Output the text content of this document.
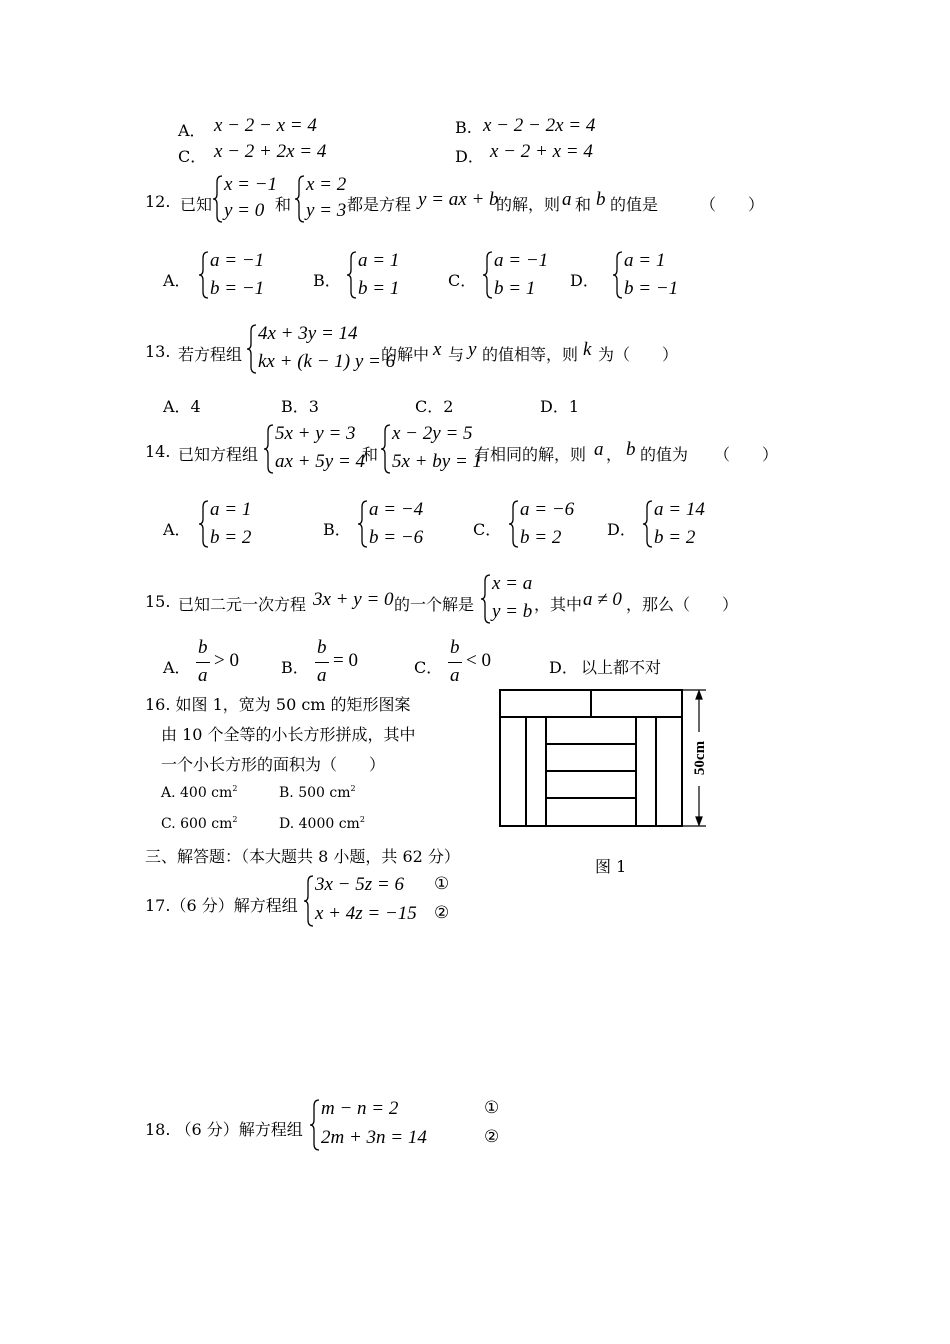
A． x − 2 − x = 4	B. x − 2 − 2x = 4
C． x − 2 + 2x = 4	D． x − 2 + x = 4
12. 已知
x = −1
y = 0 和
x = 2
y = 3 都是方程 y = ax + b
的解，则 a 和 b 的值是	（　　）
A．
a = −1
b = −1	B．
a = 1
b = 1	C．
a = −1
b = 1 D．
a = 1
b = −1
13. 若方程组
4x + 3y = 14
kx + (k − 1) y = 6
的解中 x 与 y 的值相等，则 k 为（　　）
A．4	B．3	C．2	D．1
14. 已知方程组
5x + y = 3
ax + 5y = 4
和
x − 2y = 5
5x + by = 1
有相同的解，则 a ， b 的值为 （　　）
A．
a = 1
b = 2	B．
a = −4
b = −6	C．
a = −6
b = 2	D．
a = 14
b = 2
15. 已知二元一次方程 3x + y = 0 的一个解是
x = a
y = b ，其中 a ≠ 0 ，那么（　　）
A．
b
a
> 0	B．
b
a
= 0	C．
b
a
< 0	D． 以上都不对
16. 如图 1，宽为 50 cm 的矩形图案
由 10 个全等的小长方形拼成，其中
一个小长方形的面积为（　　）
A. 400 $cm^2$	B. 500 $cm^2$
C. 600 $cm^2$	D. 4000 $cm^2$
50cm
图 1
三、解答题：（本大题共 8 小题，共 62 分）
17.（6 分）解方程组
3x − 5z = 6
x + 4z = −15
①
②
18. （6 分）解方程组
m − n = 2
2m + 3n = 14
①
②
